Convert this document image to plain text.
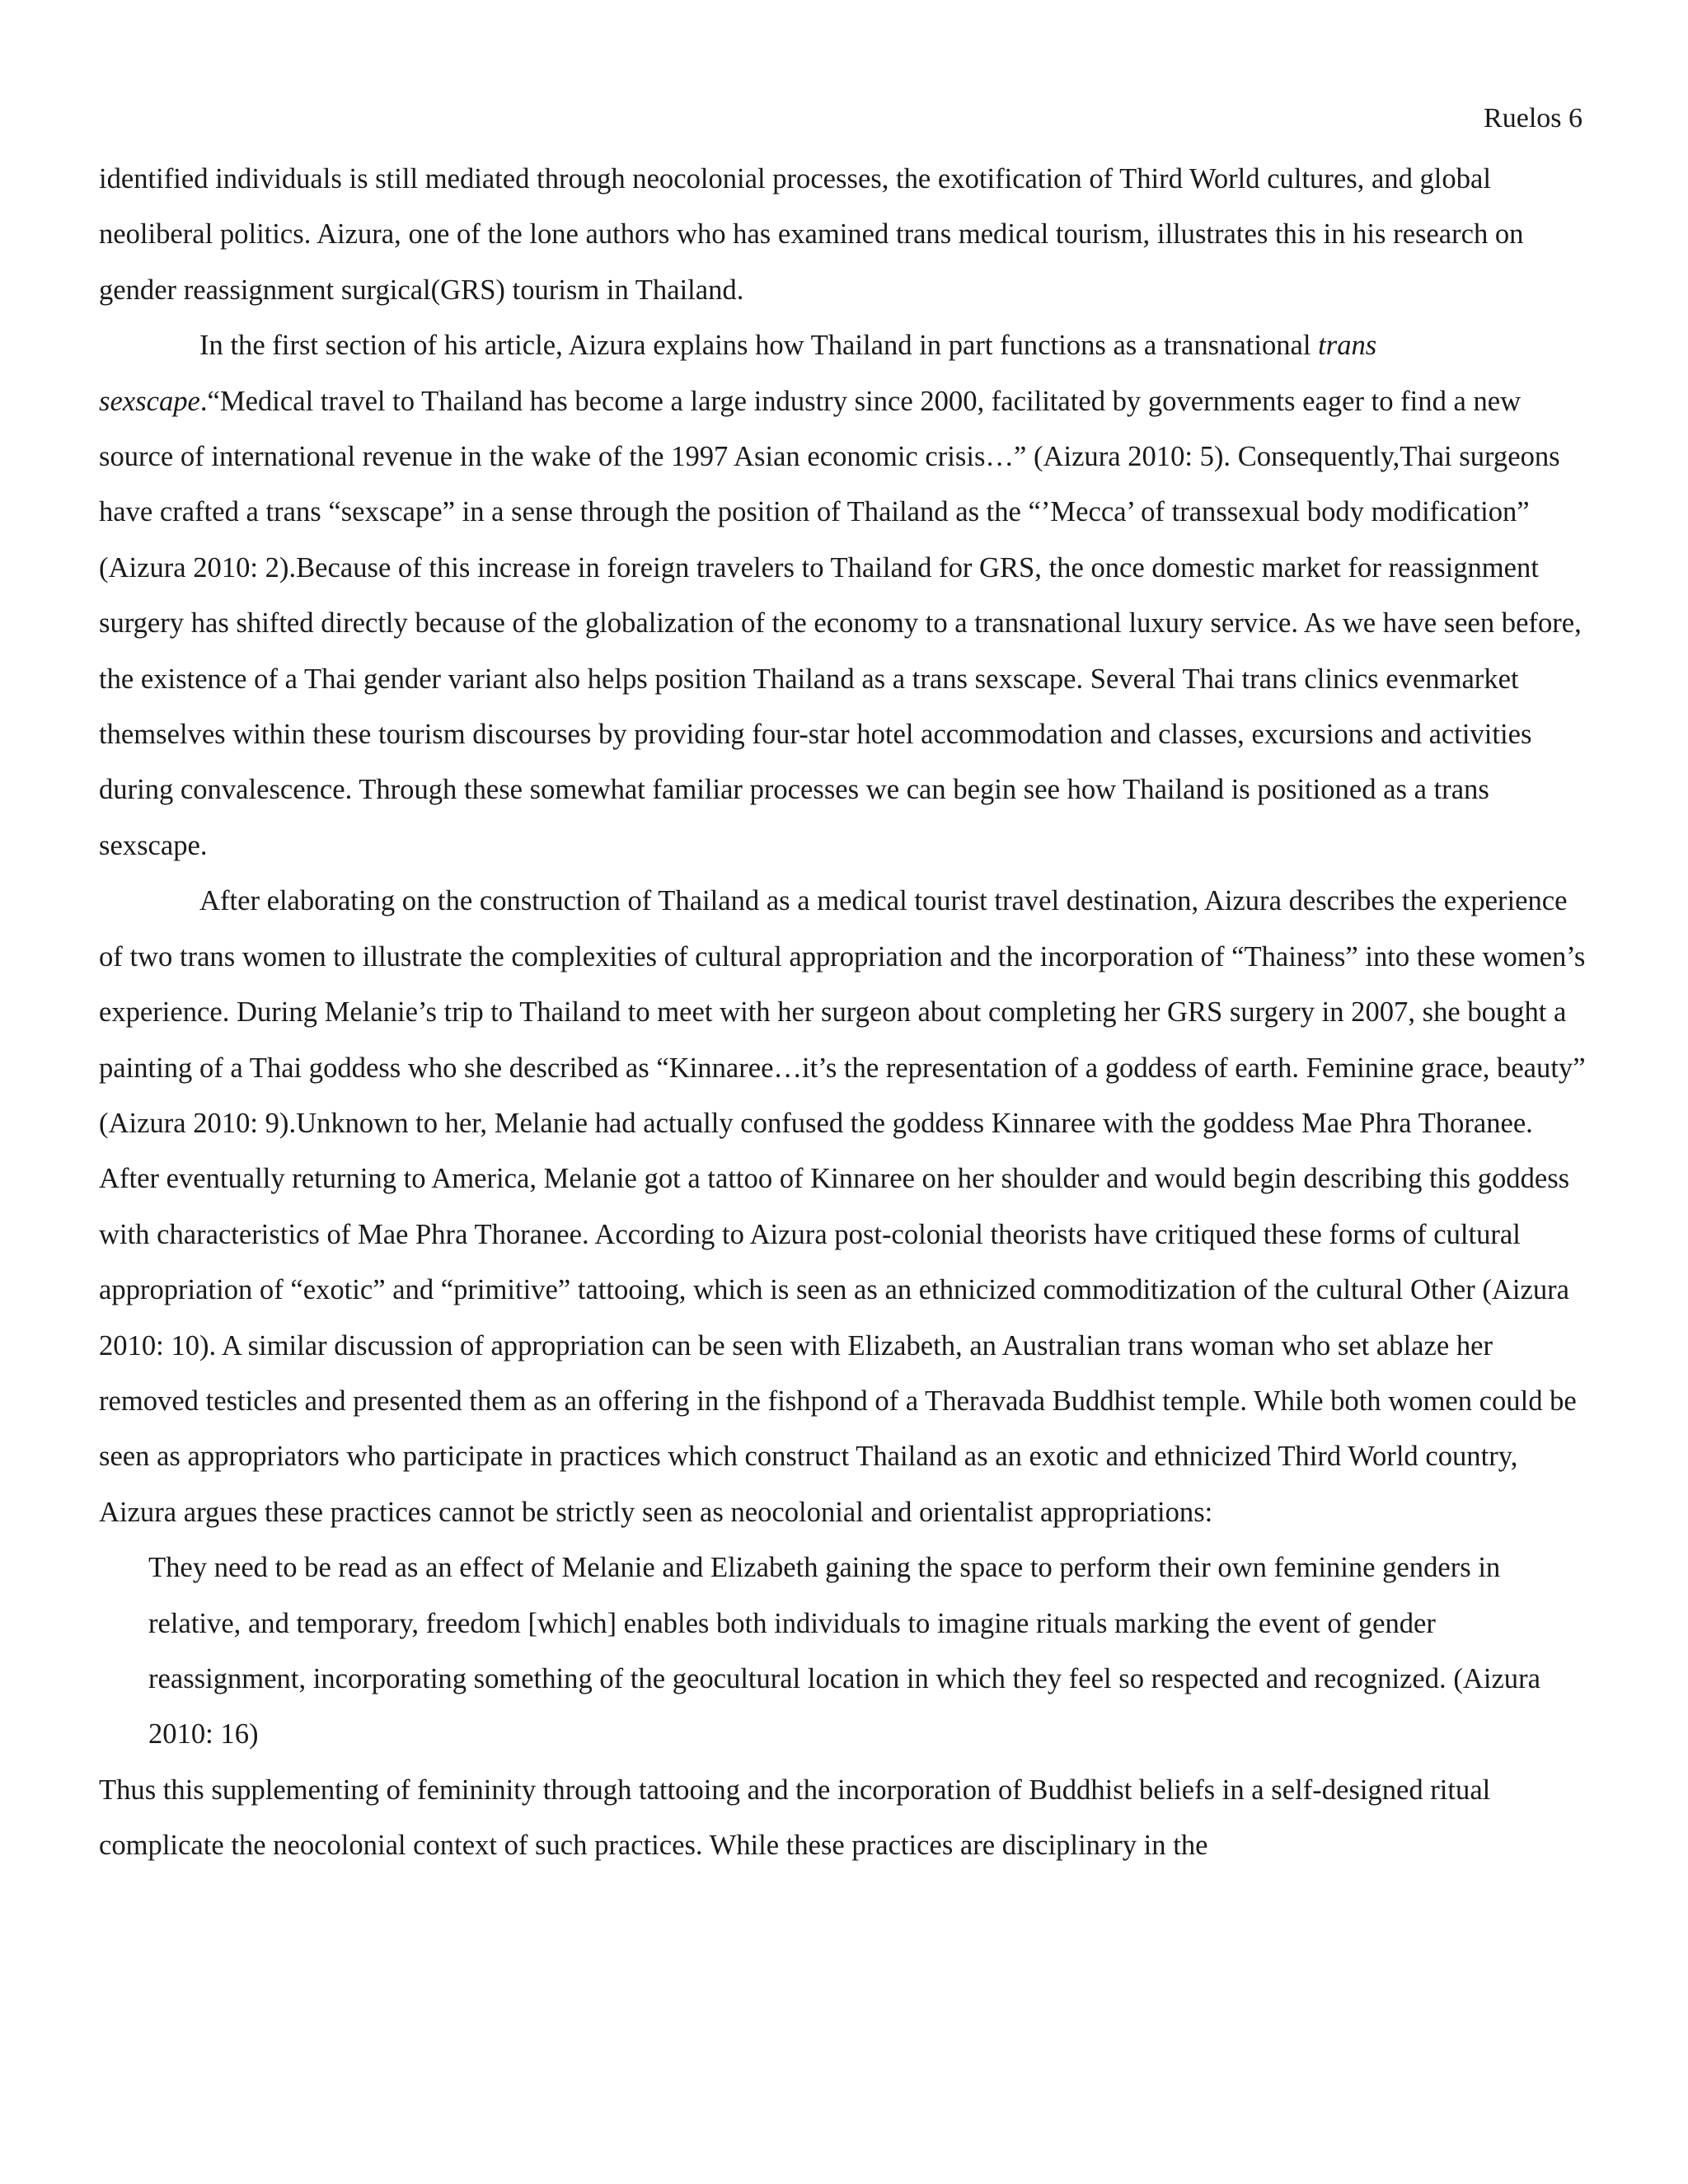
Ruelos 6

identified individuals is still mediated through neocolonial processes, the exotification of Third World cultures, and global neoliberal politics. Aizura, one of the lone authors who has examined trans medical tourism, illustrates this in his research on gender reassignment surgical(GRS) tourism in Thailand.

In the first section of his article, Aizura explains how Thailand in part functions as a transnational trans sexscape.“Medical travel to Thailand has become a large industry since 2000, facilitated by governments eager to find a new source of international revenue in the wake of the 1997 Asian economic crisis…” (Aizura 2010: 5). Consequently,Thai surgeons have crafted a trans “sexscape” in a sense through the position of Thailand as the “’Mecca’ of transsexual body modification” (Aizura 2010: 2).Because of this increase in foreign travelers to Thailand for GRS, the once domestic market for reassignment surgery has shifted directly because of the globalization of the economy to a transnational luxury service. As we have seen before, the existence of a Thai gender variant also helps position Thailand as a trans sexscape. Several Thai trans clinics evenmarket themselves within these tourism discourses by providing four-star hotel accommodation and classes, excursions and activities during convalescence. Through these somewhat familiar processes we can begin see how Thailand is positioned as a trans sexscape.

After elaborating on the construction of Thailand as a medical tourist travel destination, Aizura describes the experience of two trans women to illustrate the complexities of cultural appropriation and the incorporation of “Thainess” into these women’s experience. During Melanie’s trip to Thailand to meet with her surgeon about completing her GRS surgery in 2007, she bought a painting of a Thai goddess who she described as “Kinnaree…it’s the representation of a goddess of earth. Feminine grace, beauty” (Aizura 2010: 9).Unknown to her, Melanie had actually confused the goddess Kinnaree with the goddess Mae Phra Thoranee. After eventually returning to America, Melanie got a tattoo of Kinnaree on her shoulder and would begin describing this goddess with characteristics of Mae Phra Thoranee. According to Aizura post-colonial theorists have critiqued these forms of cultural appropriation of “exotic” and “primitive” tattooing, which is seen as an ethnicized commoditization of the cultural Other (Aizura 2010: 10). A similar discussion of appropriation can be seen with Elizabeth, an Australian trans woman who set ablaze her removed testicles and presented them as an offering in the fishpond of a Theravada Buddhist temple. While both women could be seen as appropriators who participate in practices which construct Thailand as an exotic and ethnicized Third World country, Aizura argues these practices cannot be strictly seen as neocolonial and orientalist appropriations:

They need to be read as an effect of Melanie and Elizabeth gaining the space to perform their own feminine genders in relative, and temporary, freedom [which] enables both individuals to imagine rituals marking the event of gender reassignment, incorporating something of the geocultural location in which they feel so respected and recognized. (Aizura 2010: 16)

Thus this supplementing of femininity through tattooing and the incorporation of Buddhist beliefs in a self-designed ritual complicate the neocolonial context of such practices. While these practices are disciplinary in the
